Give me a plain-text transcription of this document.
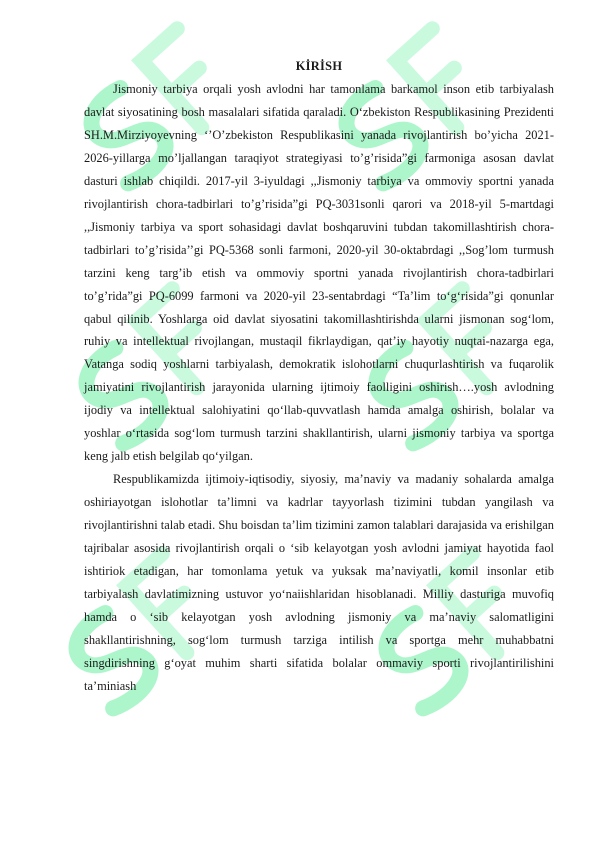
KİRİSH

Jismoniy tarbiya orqali yosh avlodni har tamonlama barkamol inson etib tarbiyalash davlat siyosatining bosh masalalari sifatida qaraladi. O‘zbekiston Respublikasining Prezidenti SH.M.Mirziyoyevning ‘’O’zbekiston Respublikasini yanada rivojlantirish bo’yicha 2021-2026-yillarga mo’ljallangan taraqiyot strategiyasi to’g’risida”gi farmoniga asosan davlat dasturi ishlab chiqildi. 2017-yil 3-iyuldagi ,,Jismoniy tarbiya va ommoviy sportni yanada rivojlantirish chora-tadbirlari to’g’risida”gi PQ-3031sonli qarori va 2018-yil 5-martdagi ,,Jismoniy tarbiya va sport sohasidagi davlat boshqaruvini tubdan takomillashtirish chora-tadbirlari to’g’risida’’gi PQ-5368 sonli farmoni, 2020-yil 30-oktabrdagi ,,Sog’lom turmush tarzini keng targ’ib etish va ommoviy sportni yanada rivojlantirish chora-tadbirlari to’g’rida”gi PQ-6099 farmoni va 2020-yil 23-sentabrdagi “Ta’lim to‘g‘risida”gi qonunlar qabul qilinib. Yoshlarga oid davlat siyosatini takomillashtirishda ularni jismonan sog‘lom, ruhiy va intellektual rivojlangan, mustaqil fikrlaydigan, qat’iy hayotiy nuqtai-nazarga ega, Vatanga sodiq yoshlarni tarbiyalash, demokratik islohotlarni chuqurlashtirish va fuqarolik jamiyatini rivojlantirish jarayonida ularning ijtimoiy faolligini oshirish….yosh avlodning ijodiy va intellektual salohiyatini qo‘llab-quvvatlash hamda amalga oshirish, bolalar va yoshlar o‘rtasida sog‘lom turmush tarzini shakllantirish, ularni jismoniy tarbiya va sportga keng jalb etish belgilab qo‘yilgan.

Respublikamizda ijtimoiy-iqtisodiy, siyosiy, ma’naviy va madaniy sohalarda amalga oshiriayotgan islohotlar ta’limni va kadrlar tayyorlash tizimini tubdan yangilash va rivojlantirishni talab etadi. Shu boisdan ta’lim tizimini zamon talablari darajasida va erishilgan tajribalar asosida rivojlantirish orqali o ‘sib kelayotgan yosh avlodni jamiyat hayotida faol ishtiriok etadigan, har tomonlama yetuk va yuksak ma’naviyatli, komil insonlar etib tarbiyalash davlatimizning ustuvor yo‘naiishlaridan hisoblanadi. Milliy dasturiga muvofiq hamda o ‘sib kelayotgan yosh avlodning jismoniy va ma’naviy salomatligini shakllantirishning, sog‘lom turmush tarziga intilish va sportga mehr muhabbatni singdirishning g‘oyat muhim sharti sifatida bolalar ommaviy sporti rivojlantirilishini ta’miniash
